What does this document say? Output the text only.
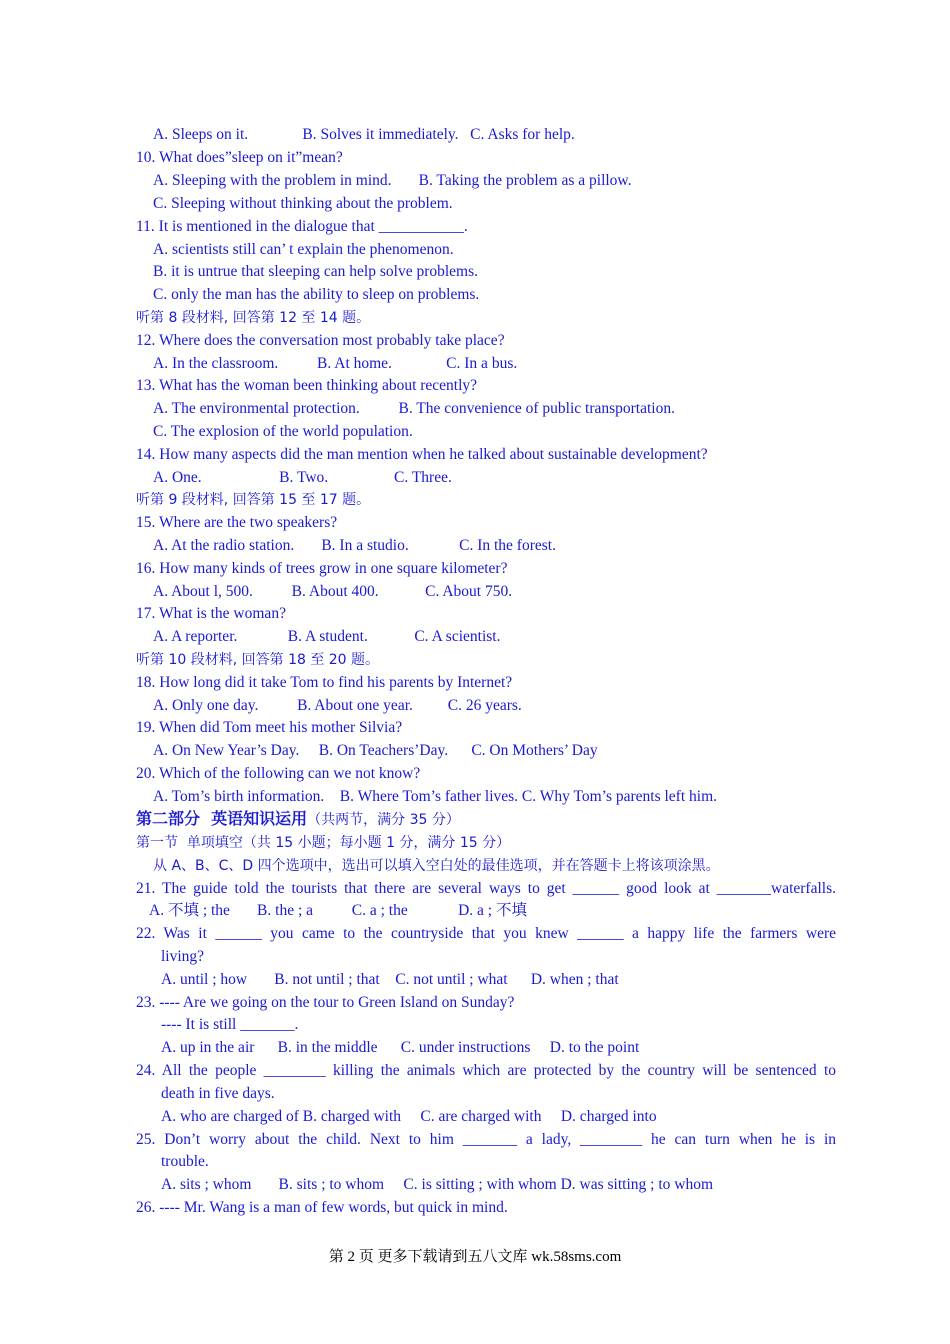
A. Sleeps on it.              B. Solves it immediately.   C. Asks for help.
10. What does”sleep on it”mean?
A. Sleeping with the problem in mind.       B. Taking the problem as a pillow.
C. Sleeping without thinking about the problem.
11. It is mentioned in the dialogue that ___________.
A. scientists still can’ t explain the phenomenon.
B. it is untrue that sleeping can help solve problems.
C. only the man has the ability to sleep on problems.
听第 8 段材料, 回答第 12 至 14 题。
12. Where does the conversation most probably take place?
A. In the classroom.          B. At home.              C. In a bus.
13. What has the woman been thinking about recently?
A. The environmental protection.          B. The convenience of public transportation.
C. The explosion of the world population.
14. How many aspects did the man mention when he talked about sustainable development?
A. One.                    B. Two.                 C. Three.
听第 9 段材料, 回答第 15 至 17 题。
15. Where are the two speakers?
A. At the radio station.       B. In a studio.             C. In the forest.
16. How many kinds of trees grow in one square kilometer?
A. About l, 500.          B. About 400.            C. About 750.
17. What is the woman?
A. A reporter.             B. A student.            C. A scientist.
听第 10 段材料, 回答第 18 至 20 题。
18. How long did it take Tom to find his parents by Internet?
A. Only one day.          B. About one year.         C. 26 years.
19. When did Tom meet his mother Silvia?
A. On New Year’s Day.     B. On Teachers’Day.      C. On Mothers’ Day
20. Which of the following can we not know?
A. Tom’s birth information.    B. Where Tom’s father lives. C. Why Tom’s parents left him.
第二部分  英语知识运用（共两节，满分 35 分）
第一节  单项填空（共 15 小题；每小题 1 分，满分 15 分）
从 A、B、C、D 四个选项中，选出可以填入空白处的最佳选项，并在答题卡上将该项涂黑。
21. The guide told the tourists that there are several ways to get ______ good look at _______waterfalls.
A. 不填 ; the       B. the ; a          C. a ; the             D. a ; 不填
22. Was it ______ you came to the countryside that you knew ______ a happy life the farmers were
living?
A. until ; how       B. not until ; that    C. not until ; what      D. when ; that
23. ---- Are we going on the tour to Green Island on Sunday?
---- It is still _______.
A. up in the air      B. in the middle      C. under instructions     D. to the point
24. All the people ________ killing the animals which are protected by the country will be sentenced to
death in five days.
A. who are charged of B. charged with     C. are charged with     D. charged into
25. Don’t worry about the child. Next to him _______ a lady, ________ he can turn when he is in
trouble.
A. sits ; whom       B. sits ; to whom     C. is sitting ; with whom D. was sitting ; to whom
26. ---- Mr. Wang is a man of few words, but quick in mind.
第 2 页 更多下载请到五八文库 wk.58sms.com
